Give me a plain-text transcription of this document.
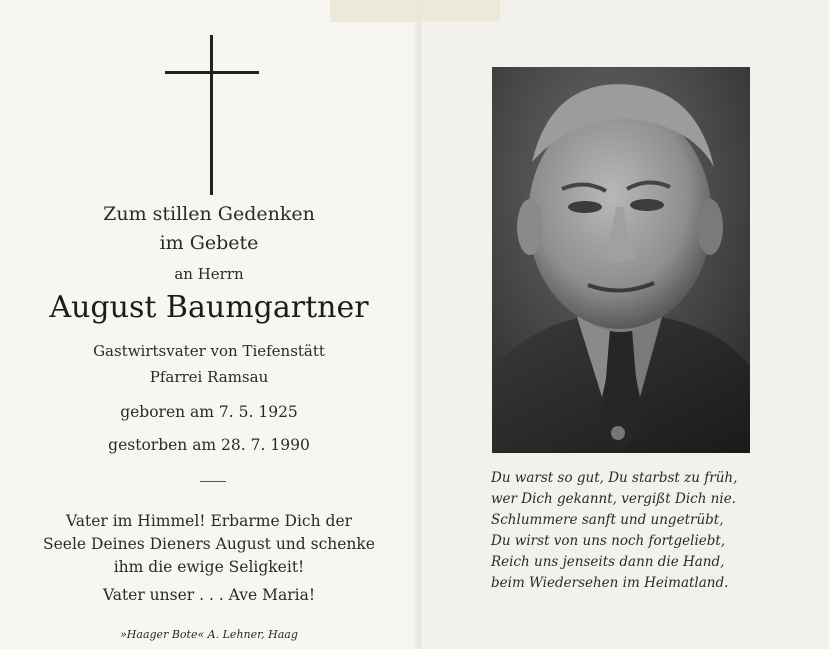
Zum stillen Gedenken
im Gebete
an Herrn
August Baumgartner
Gastwirtsvater von Tiefenstätt
Pfarrei Ramsau
geboren am 7. 5. 1925
gestorben am 28. 7. 1990
Vater im Himmel! Erbarme Dich der
Seele Deines Dieners August und schenke
ihm die ewige Seligkeit!
Vater unser . . . Ave Maria!
»Haager Bote« A. Lehner, Haag
Du warst so gut, Du starbst zu früh,
wer Dich gekannt, vergißt Dich nie.
Schlummere sanft und ungetrübt,
Du wirst von uns noch fortgeliebt,
Reich uns jenseits dann die Hand,
beim Wiedersehen im Heimatland.
